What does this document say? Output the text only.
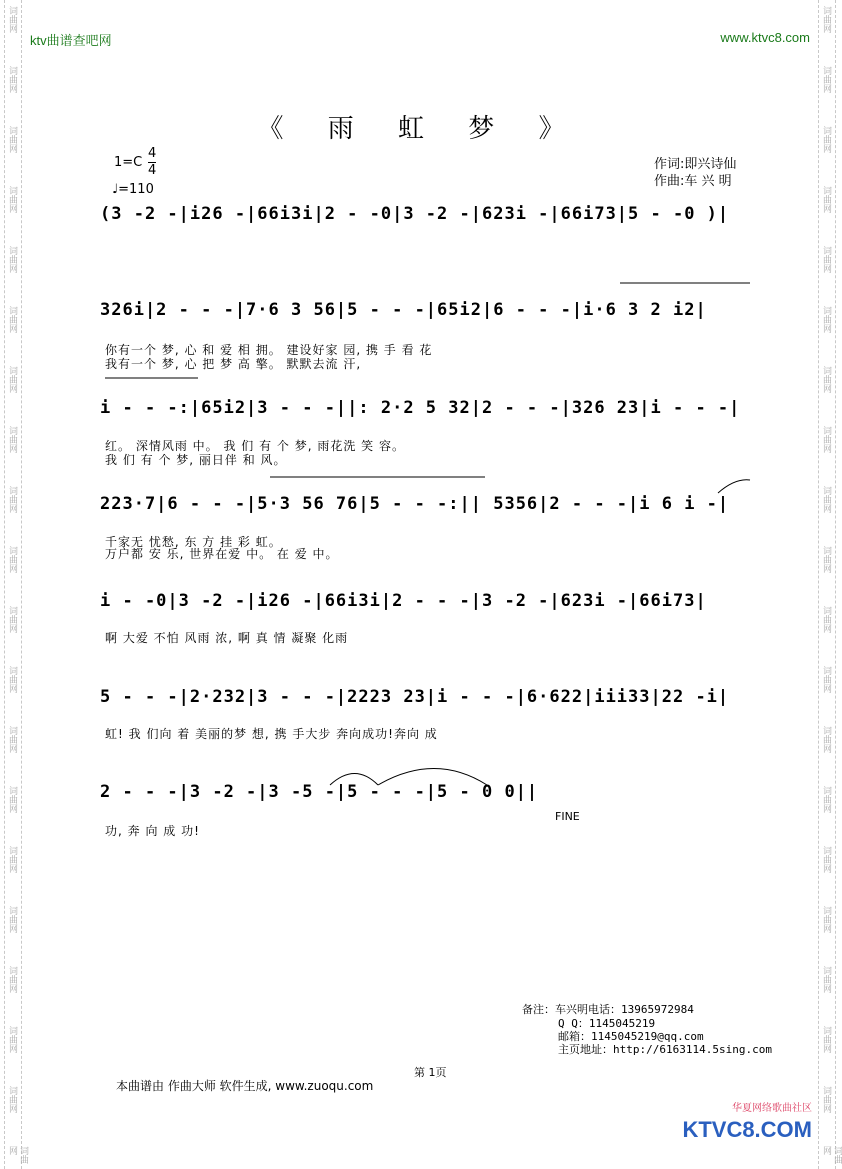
词曲网
词曲网
词曲网
词曲网
词曲网
词曲网
词曲网
词曲网
词曲网
词曲网
词曲网
词曲网
词曲网
词曲网
词曲网
词曲网
词曲网
词曲网
词曲网
词曲网
词曲网
词曲网
词曲网
词曲网
词曲网
词曲网
词曲网
词曲网
词曲网
词曲网
词曲网
词曲网
词曲网
词曲网
词曲网
词曲网
词曲网
词曲网
词曲网
词曲网
ktv曲谱查吧网	www.ktvc8.com
《 雨 虹 梦 》
1=C
4
4
♩=110
作词:即兴诗仙
作曲:车 兴 明
(3 -2 -|i26 -|66i3i|2 - -0|3 -2 -|623i -|66i73|5 - -0 )|
326i|2 - - -|7·6 3 56|5 - - -|65i2|6 - - -|i·6 3 2 i2|
你有一个 梦, 心 和 爱 相 拥。 建设好家 园, 携 手 看 花
我有一个 梦, 心 把 梦 高 擎。 默默去流 汗,
i - - -:|65i2|3 - - -||: 2·2 5 32|2 - - -|326 23|i - - -|
红。 深情风雨 中。 我 们 有 个 梦, 雨花洗 笑 容。
我 们 有 个 梦, 丽日伴 和 风。
223·7|6 - - -|5·3 56 76|5 - - -:|| 5356|2 - - -|i 6 i -|
千家无 忧愁, 东 方 挂 彩 虹。
万户都 安 乐, 世界在爱 中。 在 爱 中。
i - -0|3 -2 -|i26 -|66i3i|2 - - -|3 -2 -|623i -|66i73|
啊 大爱 不怕 风雨 浓, 啊 真 情 凝聚 化雨
5 - - -|2·232|3 - - -|2223 23|i - - -|6·622|iii33|22 -i|
虹! 我 们向 着 美丽的梦 想, 携 手大步 奔向成功!奔向 成
2 - - -|3 -2 -|3 -5 -|5 - - -|5 - 0 0||
FINE
功, 奔 向 成 功!
备注：车兴明电话：13965972984
Q Q：1145045219
邮箱：1145045219@qq.com
主页地址：http://6163114.5sing.com
第 1页
本曲谱由 作曲大师 软件生成, www.zuoqu.com
华夏网络歌曲社区
KTVC8.COM
